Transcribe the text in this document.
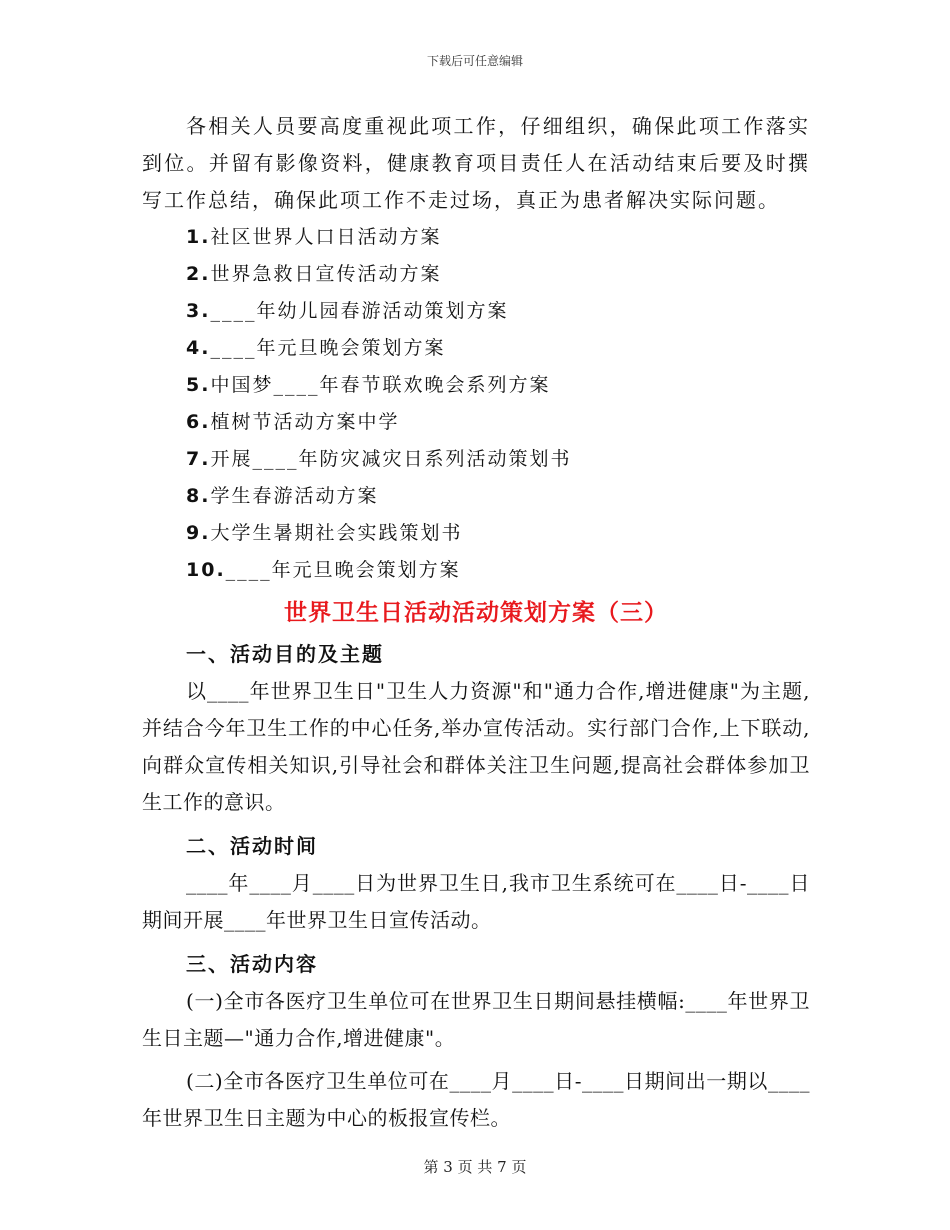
下载后可任意编辑

各相关人员要高度重视此项工作，仔细组织，确保此项工作落实到位。并留有影像资料，健康教育项目责任人在活动结束后要及时撰写工作总结，确保此项工作不走过场，真正为患者解决实际问题。

1.社区世界人口日活动方案
2.世界急救日宣传活动方案
3.____年幼儿园春游活动策划方案
4.____年元旦晚会策划方案
5.中国梦____年春节联欢晚会系列方案
6.植树节活动方案中学
7.开展____年防灾减灾日系列活动策划书
8.学生春游活动方案
9.大学生暑期社会实践策划书
10.____年元旦晚会策划方案
世界卫生日活动活动策划方案（三）
一、活动目的及主题

以____年世界卫生日"卫生人力资源"和"通力合作,增进健康"为主题,并结合今年卫生工作的中心任务,举办宣传活动。实行部门合作,上下联动,向群众宣传相关知识,引导社会和群体关注卫生问题,提高社会群体参加卫生工作的意识。

二、活动时间

____年____月____日为世界卫生日,我市卫生系统可在____日-____日期间开展____年世界卫生日宣传活动。

三、活动内容

(一)全市各医疗卫生单位可在世界卫生日期间悬挂横幅:____年世界卫生日主题—"通力合作,增进健康"。

(二)全市各医疗卫生单位可在____月____日-____日期间出一期以____年世界卫生日主题为中心的板报宣传栏。

第 3 页 共 7 页
